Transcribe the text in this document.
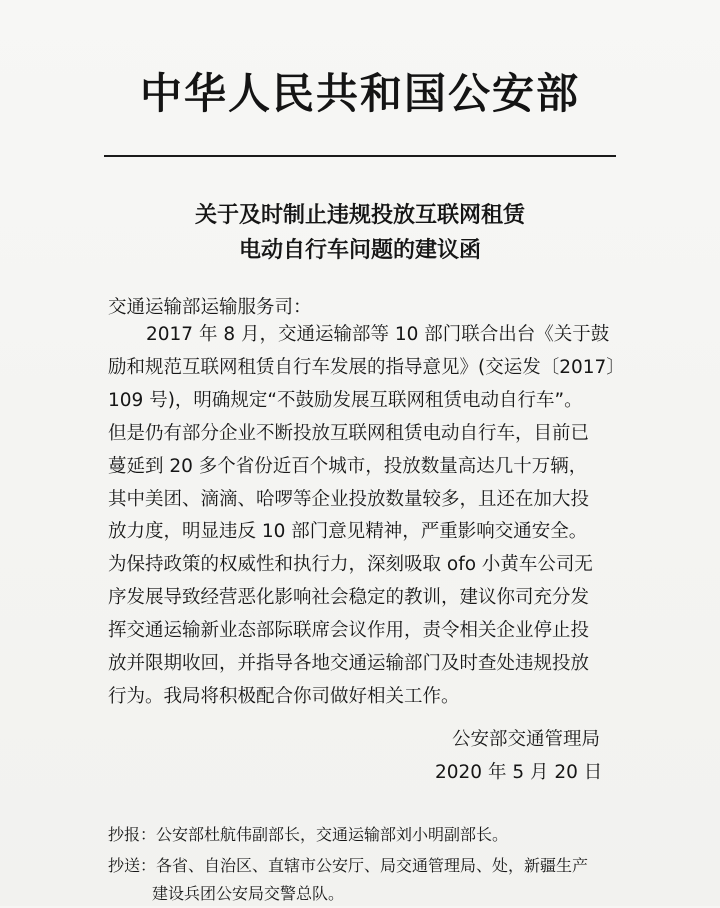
中华人民共和国公安部
关于及时制止违规投放互联网租赁
电动自行车问题的建议函
交通运输部运输服务司：
2017 年 8 月，交通运输部等 10 部门联合出台《关于鼓
励和规范互联网租赁自行车发展的指导意见》(交运发〔2017〕
109 号)，明确规定“不鼓励发展互联网租赁电动自行车”。
但是仍有部分企业不断投放互联网租赁电动自行车，目前已
蔓延到 20 多个省份近百个城市，投放数量高达几十万辆，
其中美团、滴滴、哈啰等企业投放数量较多，且还在加大投
放力度，明显违反 10 部门意见精神，严重影响交通安全。
为保持政策的权威性和执行力，深刻吸取 ofo 小黄车公司无
序发展导致经营恶化影响社会稳定的教训，建议你司充分发
挥交通运输新业态部际联席会议作用，责令相关企业停止投
放并限期收回，并指导各地交通运输部门及时查处违规投放
行为。我局将积极配合你司做好相关工作。
公安部交通管理局
2020 年 5 月 20 日
抄报：公安部杜航伟副部长，交通运输部刘小明副部长。
抄送：各省、自治区、直辖市公安厅、局交通管理局、处，新疆生产
建设兵团公安局交警总队。
